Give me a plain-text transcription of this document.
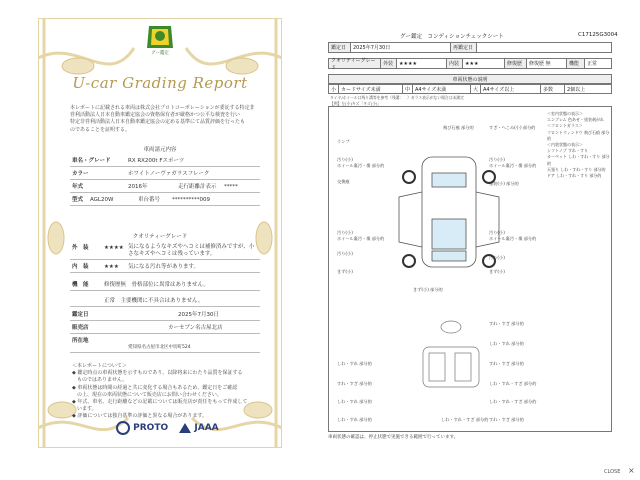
グー鑑定
U-car Grading Report
本レポートに記載される車両は株式会社プロトコーポレーションが委託する特定非
営利活動法人日本自動車鑑定協会の資格保有者が厳格かつ公平な検査を行い
特定非営利活動法人日本自動車鑑定協会の定める基準にて品質評価を行ったも
のであることを証明する。
車両諸元内容
車名・グレード	RX RX200t Fスポーツ
カラー	ホワイトノーヴァガラスフレーク
年式	2016年	走行距離計表示 *****
型式 AGL20W	車台番号 **********009
クオリティーグレード
外　装	★★★★ 気になるようなキズやヘコミは補修済みですが、小さなキズやヘコミは残っています。
内　装	★★★ 気になる汚れ等があります。
機　能	修復歴無　骨格部位に異常はありません。
正常　主要機関に不具合はありません。
鑑定日	2025年7月30日
販売店	カーセブン名古屋北店
所在地
愛知県名古屋市北区中切町524
＜本レポートについて＞
◆ 鑑定時点の車両状態を示すものであり、以降将来にわたり品質を保証する
　ものではありません。
◆ 車両状態は時間の経過と共に変化する場合もあるため、鑑定日をご確認
　の上、現在の車両状態について販売店にお問い合わせください。
◆ 年式、車名、走行距離などの記載については販売店が責任をもって作成して
　います。
◆ 評価については独自基準の評価と異なる場合があります。
PROTO	JAAA
グー鑑定　コンディションチェックシート	C17125G3004
鑑定日	2025年7月30日	再鑑定日
クオリティーグレード
外装	★★★★	内装	★★★	修復歴	修復歴 無	機能	正常
車両状態の説明
小 カードサイズ未満	中 A4サイズ未満	大 A4サイズ以上	多数	2個以上
タイヤ/ホイールは残り溝等を参考（残溝：　）ガラス表示がない場合は未測定
【例】左(小)キズ「キズ(小)」
ランプ
飛び石痕 部分的	すざ・へこみ(小) 部分的
汚り(小)
ホイール裏汚・傷 部分的
汚り(小)
ホイール裏汚・傷 部分的
交換痕	塗装(小) 部分的
汚り(小)
ホイール裏汚・傷 部分的
汚り(小)
ホイール裏汚・傷 部分的
汚り(小)
きず(小)
汚り(小)
きず(小)
きず(小) 部分的
すれ・すざ 部分的
しわ・すれ 部分的
すれ・すざ 部分的
しわ・すれ 部分的
しわ・すれ・すざ 部分的
すれ・すざ 部分的
しわ・すれ 部分的	しわ・すれ・すざ 部分的
しわ・すれ 部分的	すれ・すざ 部分的
しわ・すれ・すざ 部分的
＜室内状態の表示＞
エンブレム 色あせ・塗装剥がれ
＜フロントガラス＞
フロントウィンドウ 飛び石痕 部分的
＜内装状態の表示＞
シフトノブ すれ・すり
カーペット しわ・すれ・すり 部分的
天張り しわ・すれ・すり 部分的
ドア しわ・すれ・すり 部分的
車両状態の確認は、停止状態で実施できる範囲で行っています。
CLOSE ×
